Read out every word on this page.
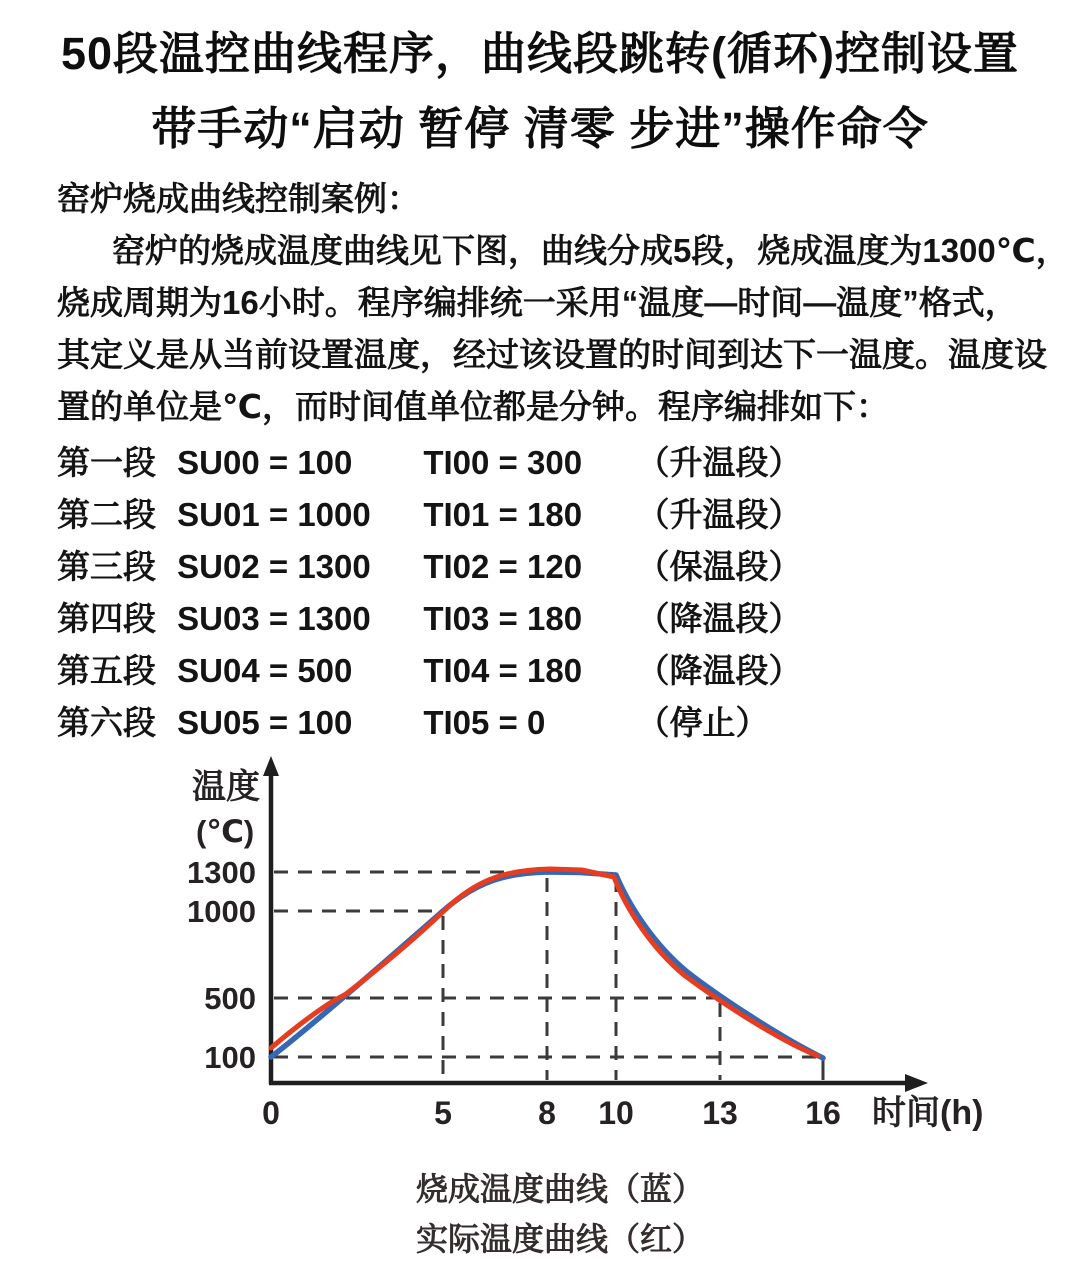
50段温控曲线程序，曲线段跳转(循环)控制设置
带手动“启动 暂停 清零 步进”操作命令
窑炉烧成曲线控制案例：
窑炉的烧成温度曲线见下图，曲线分成5段，烧成温度为1300℃，
烧成周期为16小时。程序编排统一采用“温度—时间—温度”格式，
其定义是从当前设置温度，经过该设置的时间到达下一温度。温度设
置的单位是℃，而时间值单位都是分钟。程序编排如下：
第一段 SU00 = 100 TI00 = 300 （升温段）
第二段 SU01 = 1000 TI01 = 180 （升温段）
第三段 SU02 = 1300 TI02 = 120 （保温段）
第四段 SU03 = 1300 TI03 = 180 （降温段）
第五段 SU04 = 500 TI04 = 180 （降温段）
第六段 SU05 = 100 TI05 = 0	（停止）
温度
(℃)
1300
1000
500
100
0	5	8 10 13 16 时间(h)
烧成温度曲线（蓝）
实际温度曲线（红）
